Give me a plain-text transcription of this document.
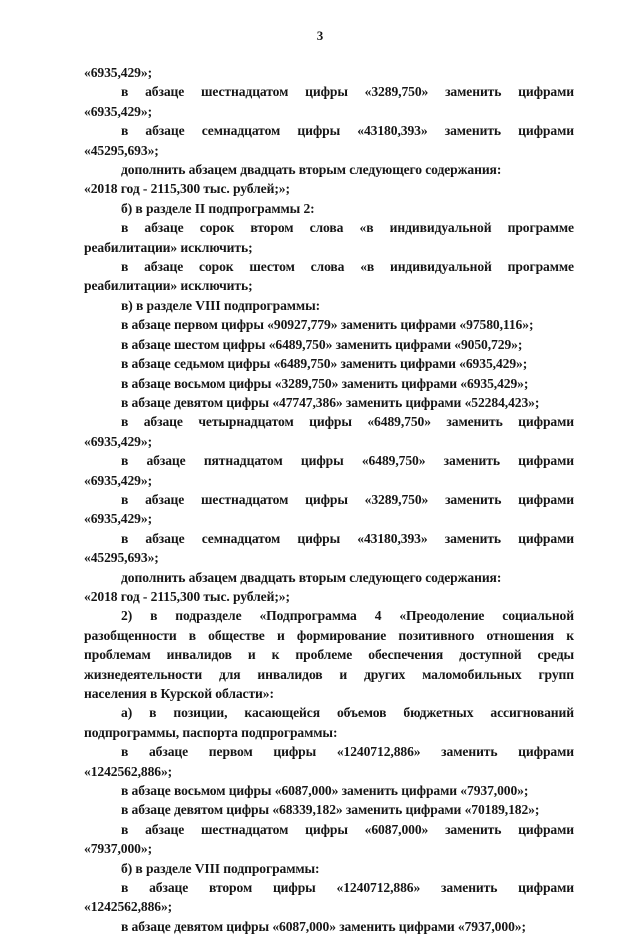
3

«6935,429»;

в абзаце шестнадцатом цифры «3289,750» заменить цифрами

«6935,429»;

в абзаце семнадцатом цифры «43180,393» заменить цифрами

«45295,693»;

дополнить абзацем двадцать вторым следующего содержания:

«2018 год - 2115,300 тыс. рублей;»;

б) в разделе II подпрограммы 2:

в абзаце сорок втором слова «в индивидуальной программе

реабилитации» исключить;

в абзаце сорок шестом слова «в индивидуальной программе

реабилитации» исключить;

в) в разделе VIII подпрограммы:

в абзаце первом цифры «90927,779» заменить цифрами «97580,116»;

в абзаце шестом цифры «6489,750» заменить цифрами «9050,729»;

в абзаце седьмом цифры «6489,750» заменить цифрами «6935,429»;

в абзаце восьмом цифры «3289,750» заменить цифрами «6935,429»;

в абзаце девятом цифры «47747,386» заменить цифрами «52284,423»;

в абзаце четырнадцатом цифры «6489,750» заменить цифрами

«6935,429»;

в абзаце пятнадцатом цифры «6489,750» заменить цифрами

«6935,429»;

в абзаце шестнадцатом цифры «3289,750» заменить цифрами

«6935,429»;

в абзаце семнадцатом цифры «43180,393» заменить цифрами

«45295,693»;

дополнить абзацем двадцать вторым следующего содержания:

«2018 год - 2115,300 тыс. рублей;»;

2) в подразделе «Подпрограмма 4 «Преодоление социальной

разобщенности в обществе и формирование позитивного отношения к

проблемам инвалидов и к проблеме обеспечения доступной среды

жизнедеятельности для инвалидов и других маломобильных групп

населения в Курской области»:

а) в позиции, касающейся объемов бюджетных ассигнований

подпрограммы, паспорта подпрограммы:

в абзаце первом цифры «1240712,886» заменить цифрами

«1242562,886»;

в абзаце восьмом цифры «6087,000» заменить цифрами «7937,000»;

в абзаце девятом цифры «68339,182» заменить цифрами «70189,182»;

в абзаце шестнадцатом цифры «6087,000» заменить цифрами

«7937,000»;

б) в разделе VIII подпрограммы:

в абзаце втором цифры «1240712,886» заменить цифрами

«1242562,886»;

в абзаце девятом цифры «6087,000» заменить цифрами «7937,000»;
